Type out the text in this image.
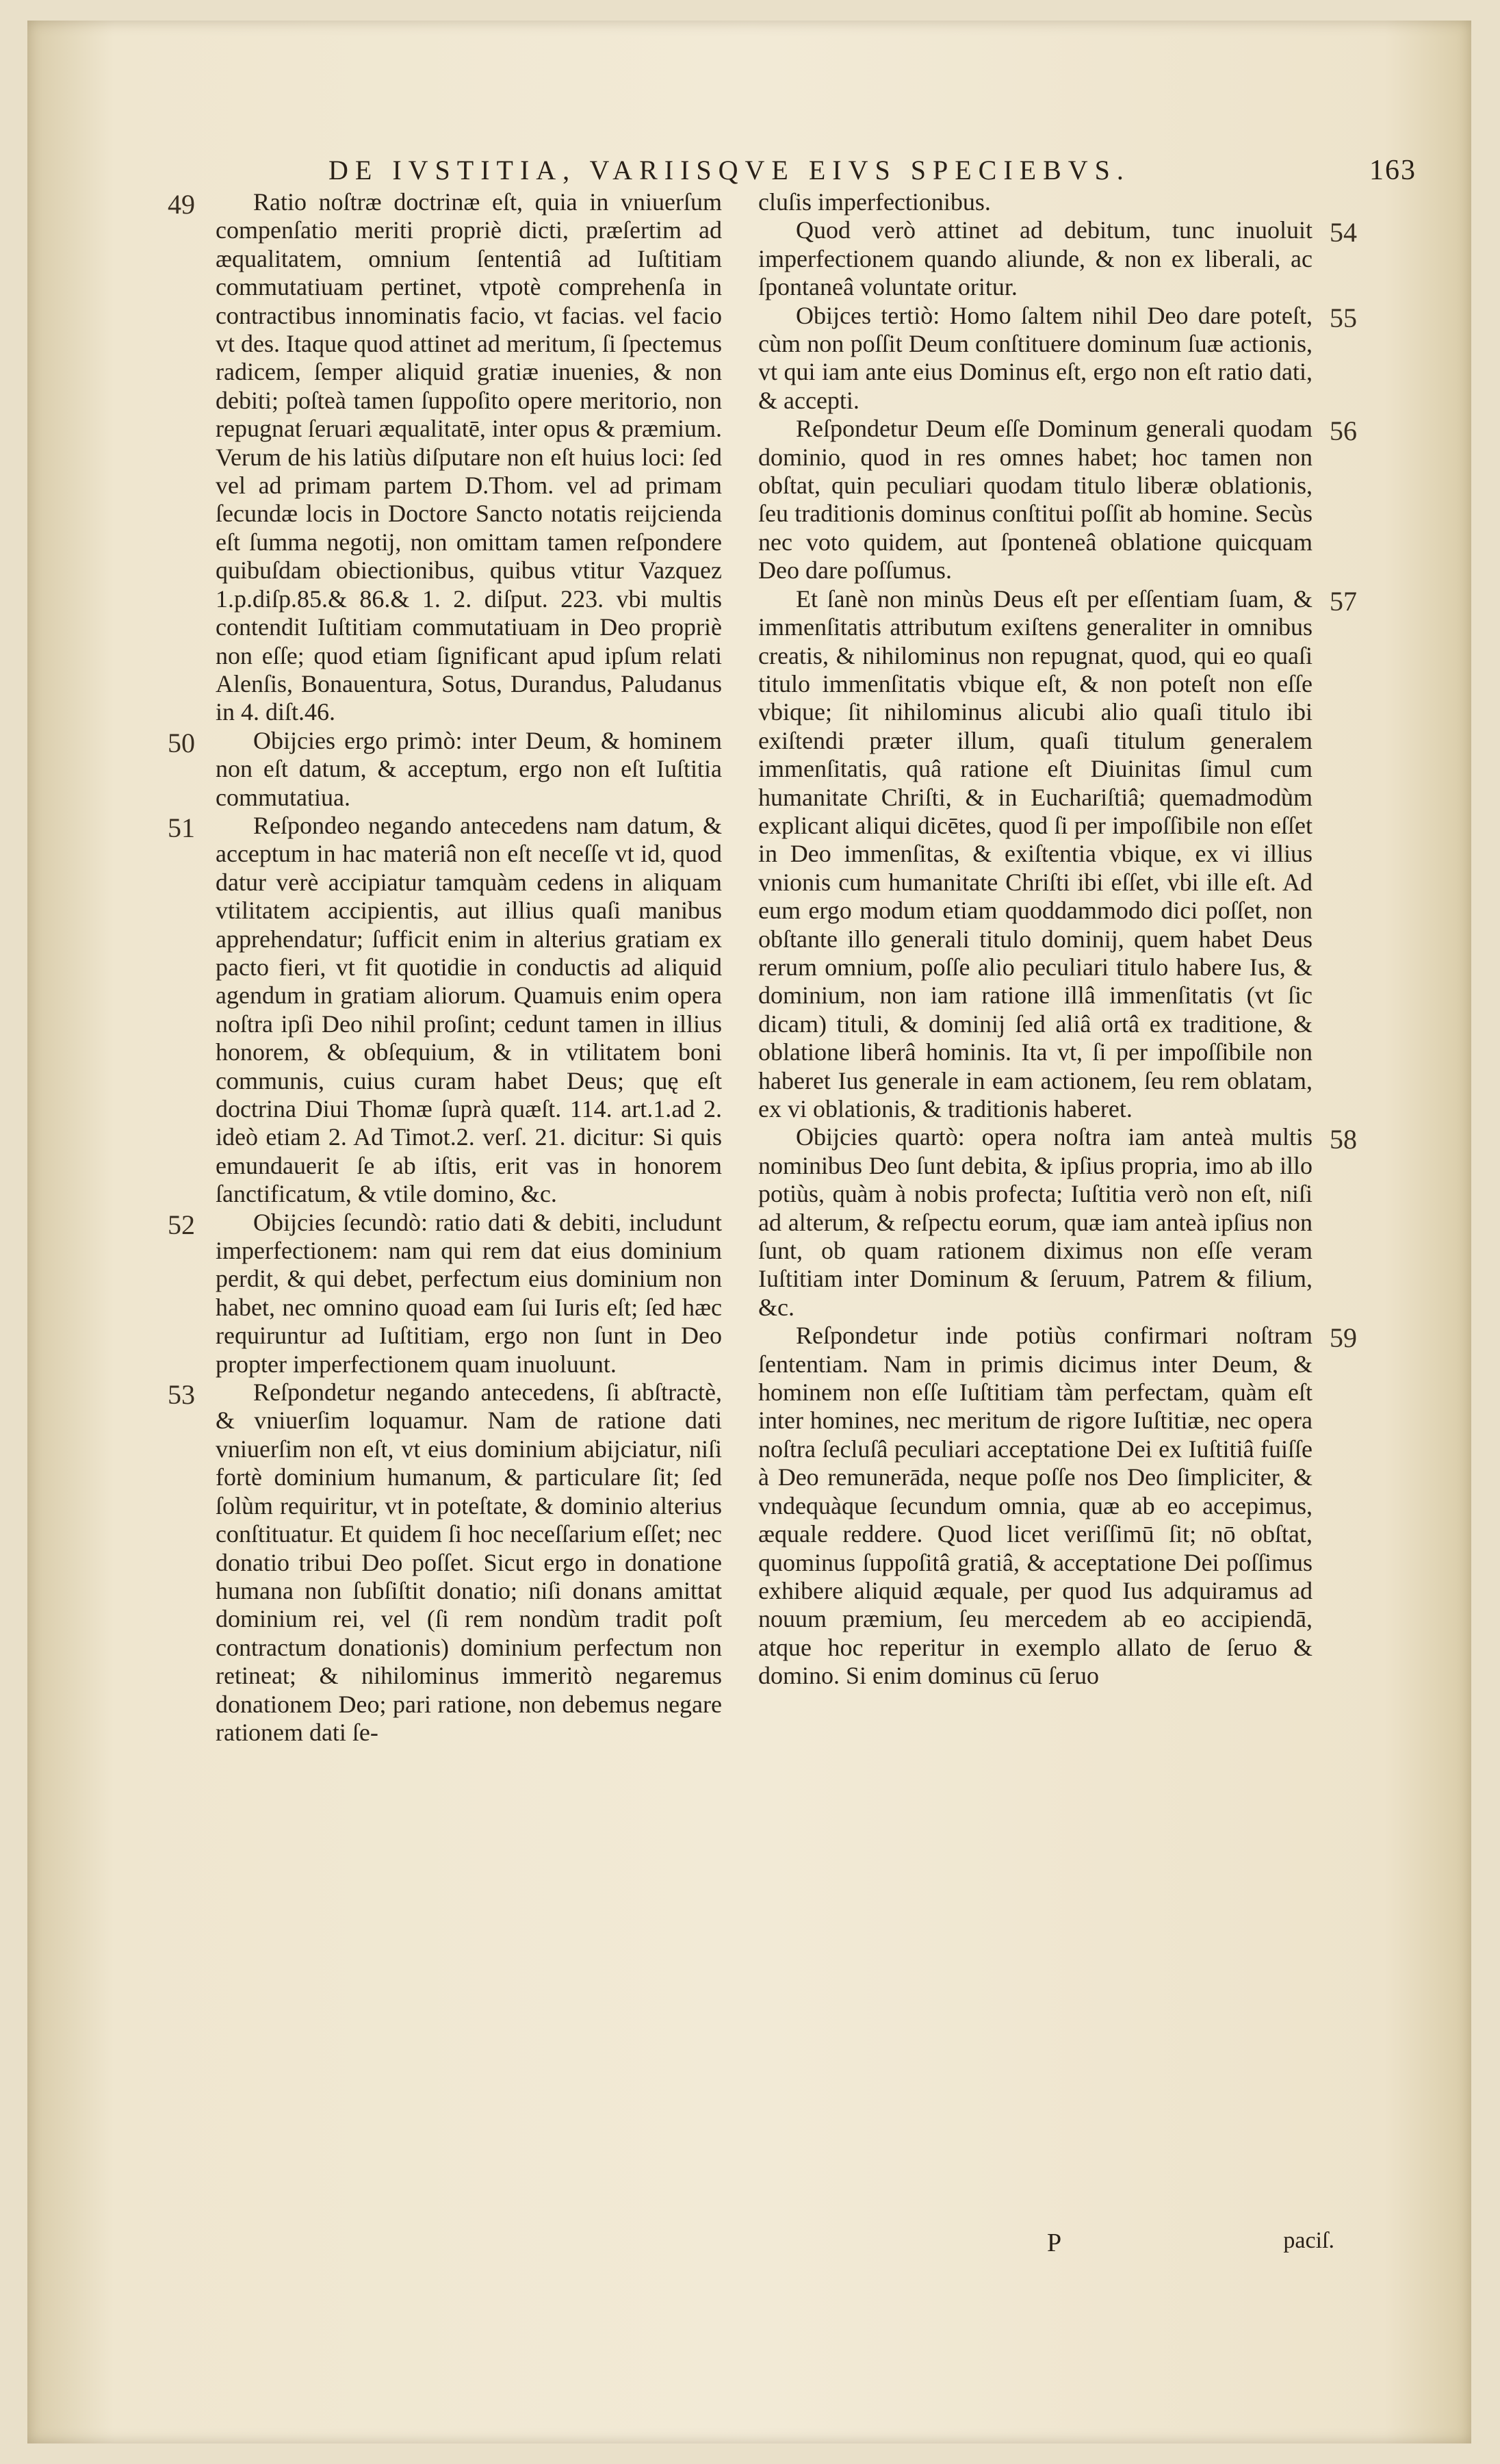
DE IVSTITIA, VARIISQVE EIVS SPECIEBVS.	163

Ratio noſtræ doctrinæ eſt, quia in vniuerſum compenſatio meriti propriè dicti, præſertim ad æqualitatem, omnium ſententiâ ad Iuſtitiam commutatiuam pertinet, vtpotè comprehenſa in contractibus innominatis facio, vt facias. vel facio vt des. Itaque quod attinet ad meritum, ſi ſpectemus radicem, ſemper aliquid gratiæ inuenies, & non debiti; poſteà tamen ſuppoſito opere meritorio, non repugnat ſeruari æqualitatē, inter opus & præmium. Verum de his latiùs diſputare non eſt huius loci: ſed vel ad primam partem D.Thom. vel ad primam ſecundæ locis in Doctore Sancto notatis reijcienda eſt ſumma negotij, non omittam tamen reſpondere quibuſdam obiectionibus, quibus vtitur Vazquez 1.p.diſp.85.& 86.& 1. 2. diſput. 223. vbi multis contendit Iuſtitiam commutatiuam in Deo propriè non eſſe; quod etiam ſignificant apud ipſum relati Alenſis, Bonauentura, Sotus, Durandus, Paludanus in 4. diſt.46.

Obijcies ergo primò: inter Deum, & hominem non eſt datum, & acceptum, ergo non eſt Iuſtitia commutatiua.

Reſpondeo negando antecedens nam datum, & acceptum in hac materiâ non eſt neceſſe vt id, quod datur verè accipiatur tamquàm cedens in aliquam vtilitatem accipientis, aut illius quaſi manibus apprehendatur; ſufficit enim in alterius gratiam ex pacto fieri, vt fit quotidie in conductis ad aliquid agendum in gratiam aliorum. Quamuis enim opera noſtra ipſi Deo nihil proſint; cedunt tamen in illius honorem, & obſequium, & in vtilitatem boni communis, cuius curam habet Deus; quę eſt doctrina Diui Thomæ ſuprà quæſt. 114. art.1.ad 2. ideò etiam 2. Ad Timot.2. verſ. 21. dicitur: Si quis emundauerit ſe ab iſtis, erit vas in honorem ſanctificatum, & vtile domino, &c.

Obijcies ſecundò: ratio dati & debiti, includunt imperfectionem: nam qui rem dat eius dominium perdit, & qui debet, perfectum eius dominium non habet, nec omnino quoad eam ſui Iuris eſt; ſed hæc requiruntur ad Iuſtitiam, ergo non ſunt in Deo propter imperfectionem quam inuoluunt.

Reſpondetur negando antecedens, ſi abſtractè, & vniuerſim loquamur. Nam de ratione dati vniuerſim non eſt, vt eius dominium abijciatur, niſi fortè dominium humanum, & particulare ſit; ſed ſolùm requiritur, vt in poteſtate, & dominio alterius conſtituatur. Et quidem ſi hoc neceſſarium eſſet; nec donatio tribui Deo poſſet. Sicut ergo in donatione humana non ſubſiſtit donatio; niſi donans amittat dominium rei, vel (ſi rem nondùm tradit poſt contractum donationis) dominium perfectum non retineat; & nihilominus immeritò negaremus donationem Deo; pari ratione, non debemus negare rationem dati ſe-

cluſis imperfectionibus.

Quod verò attinet ad debitum, tunc inuoluit imperfectionem quando aliunde, & non ex liberali, ac ſpontaneâ voluntate oritur.

Obijces tertiò: Homo ſaltem nihil Deo dare poteſt, cùm non poſſit Deum conſtituere dominum ſuæ actionis, vt qui iam ante eius Dominus eſt, ergo non eſt ratio dati, & accepti.

Reſpondetur Deum eſſe Dominum generali quodam dominio, quod in res omnes habet; hoc tamen non obſtat, quin peculiari quodam titulo liberæ oblationis, ſeu traditionis dominus conſtitui poſſit ab homine. Secùs nec voto quidem, aut ſponteneâ oblatione quicquam Deo dare poſſumus.

Et ſanè non minùs Deus eſt per eſſentiam ſuam, & immenſitatis attributum exiſtens generaliter in omnibus creatis, & nihilominus non repugnat, quod, qui eo quaſi titulo immenſitatis vbique eſt, & non poteſt non eſſe vbique; ſit nihilominus alicubi alio quaſi titulo ibi exiſtendi præter illum, quaſi titulum generalem immenſitatis, quâ ratione eſt Diuinitas ſimul cum humanitate Chriſti, & in Euchariſtiâ; quemadmodùm explicant aliqui dicētes, quod ſi per impoſſibile non eſſet in Deo immenſitas, & exiſtentia vbique, ex vi illius vnionis cum humanitate Chriſti ibi eſſet, vbi ille eſt. Ad eum ergo modum etiam quoddammodo dici poſſet, non obſtante illo generali titulo dominij, quem habet Deus rerum omnium, poſſe alio peculiari titulo habere Ius, & dominium, non iam ratione illâ immenſitatis (vt ſic dicam) tituli, & dominij ſed aliâ ortâ ex traditione, & oblatione liberâ hominis. Ita vt, ſi per impoſſibile non haberet Ius generale in eam actionem, ſeu rem oblatam, ex vi oblationis, & traditionis haberet.

Obijcies quartò: opera noſtra iam anteà multis nominibus Deo ſunt debita, & ipſius propria, imo ab illo potiùs, quàm à nobis profecta; Iuſtitia verò non eſt, niſi ad alterum, & reſpectu eorum, quæ iam anteà ipſius non ſunt, ob quam rationem diximus non eſſe veram Iuſtitiam inter Dominum & ſeruum, Patrem & filium, &c.

Reſpondetur inde potiùs confirmari noſtram ſententiam. Nam in primis dicimus inter Deum, & hominem non eſſe Iuſtitiam tàm perfectam, quàm eſt inter homines, nec meritum de rigore Iuſtitiæ, nec opera noſtra ſecluſâ peculiari acceptatione Dei ex Iuſtitiâ fuiſſe à Deo remunerāda, neque poſſe nos Deo ſimpliciter, & vndequàque ſecundum omnia, quæ ab eo accepimus, æquale reddere. Quod licet veriſſimū ſit; nō obſtat, quominus ſuppoſitâ gratiâ, & acceptatione Dei poſſimus exhibere aliquid æquale, per quod Ius adquiramus ad nouum præmium, ſeu mercedem ab eo accipiendā, atque hoc reperitur in exemplo allato de ſeruo & domino. Si enim dominus cū ſeruo

P	paciſ.
49
50
51
52
53
54
55
56
57
58
59
